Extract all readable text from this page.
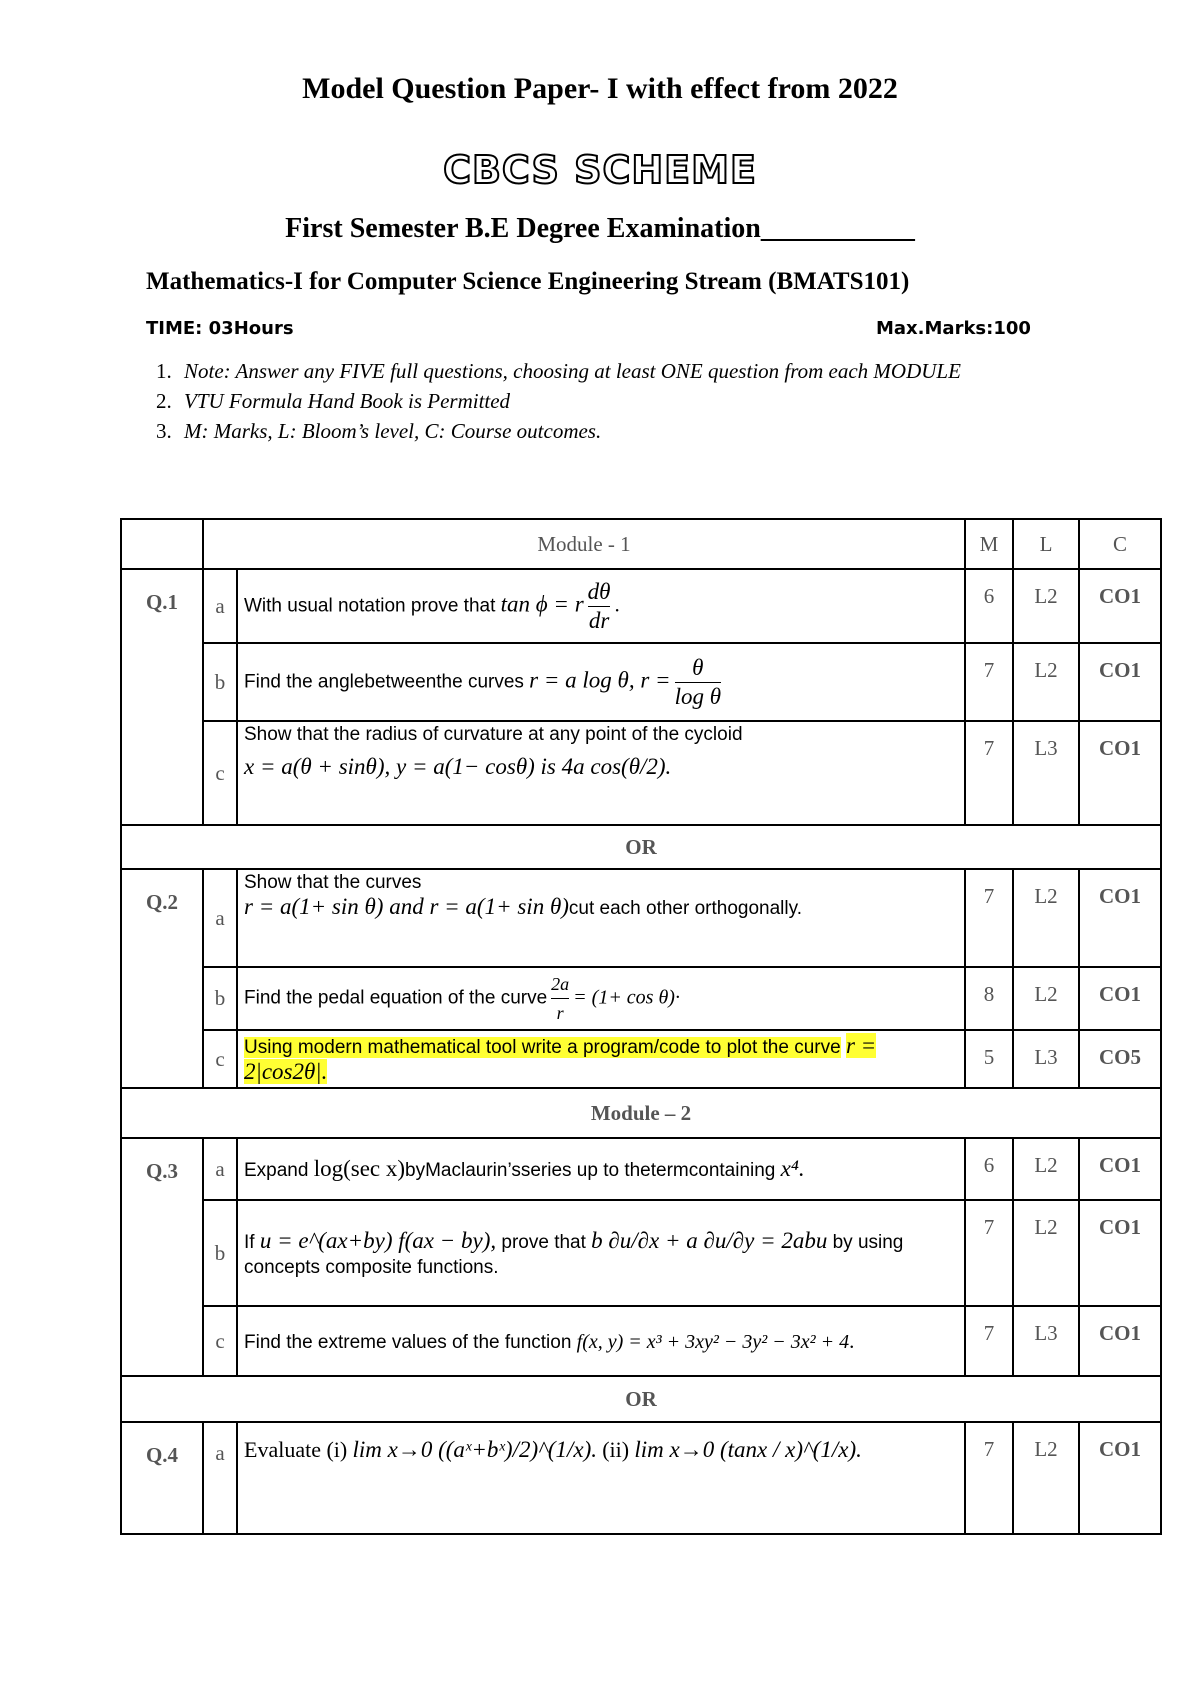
Model Question Paper- I with effect from 2022
CBCS SCHEME
First Semester B.E Degree Examination___________
Mathematics-I for Computer Science Engineering Stream (BMATS101)
TIME: 03Hours	Max.Marks:100
1. Note: Answer any FIVE full questions, choosing at least ONE question from each MODULE
2. VTU Formula Hand Book is Permitted
3. M: Marks, L: Bloom’s level, C: Course outcomes.
	Module - 1		M	L	C
Q.1	a	With usual notation prove that tan ϕ = r $\frac{d\theta}{dr}$ .	6	L2	CO1
	b	Find the anglebetweenthe curves r = a log θ, $r = \frac{\theta}{\text{log θ}}$	7	L2	CO1
	c	Show that the radius of curvature at any point of the cycloid
x = a(θ + sinθ), y = a(1− cosθ) is 4a cos(θ/2).	7	L3	CO1
OR					
Q.2	a	Show that the curves
r = a(1+ sin θ) and r = a(1+ sin θ)cut each other orthogonally.	7	L2	CO1
	b	Find the pedal equation of the curve $\frac{2a}{r} = (1+ \cos \theta)\cdot$	8	L2	CO1
	c	Using modern mathematical tool write a program/code to plot the curve r = 2|cos2θ|.	5	L3	CO5
Module – 2					
Q.3	a	Expand log(sec x)byMaclaurin’sseries up to thetermcontaining x⁴.	6	L2	CO1
	b	If u = e^(ax+by) f(ax − by), prove that b ∂u/∂x + a ∂u/∂y = 2abu by using concepts composite functions.	7	L2	CO1
	c	Find the extreme values of the function f(x, y) = x³ + 3xy² − 3y² − 3x² + 4.	7	L3	CO1
OR					
Q.4	a	Evaluate (i) lim x→0 ((aˣ+bˣ)/2)^(1/x). (ii) lim x→0 (tanx / x)^(1/x).	7	L2	CO1
